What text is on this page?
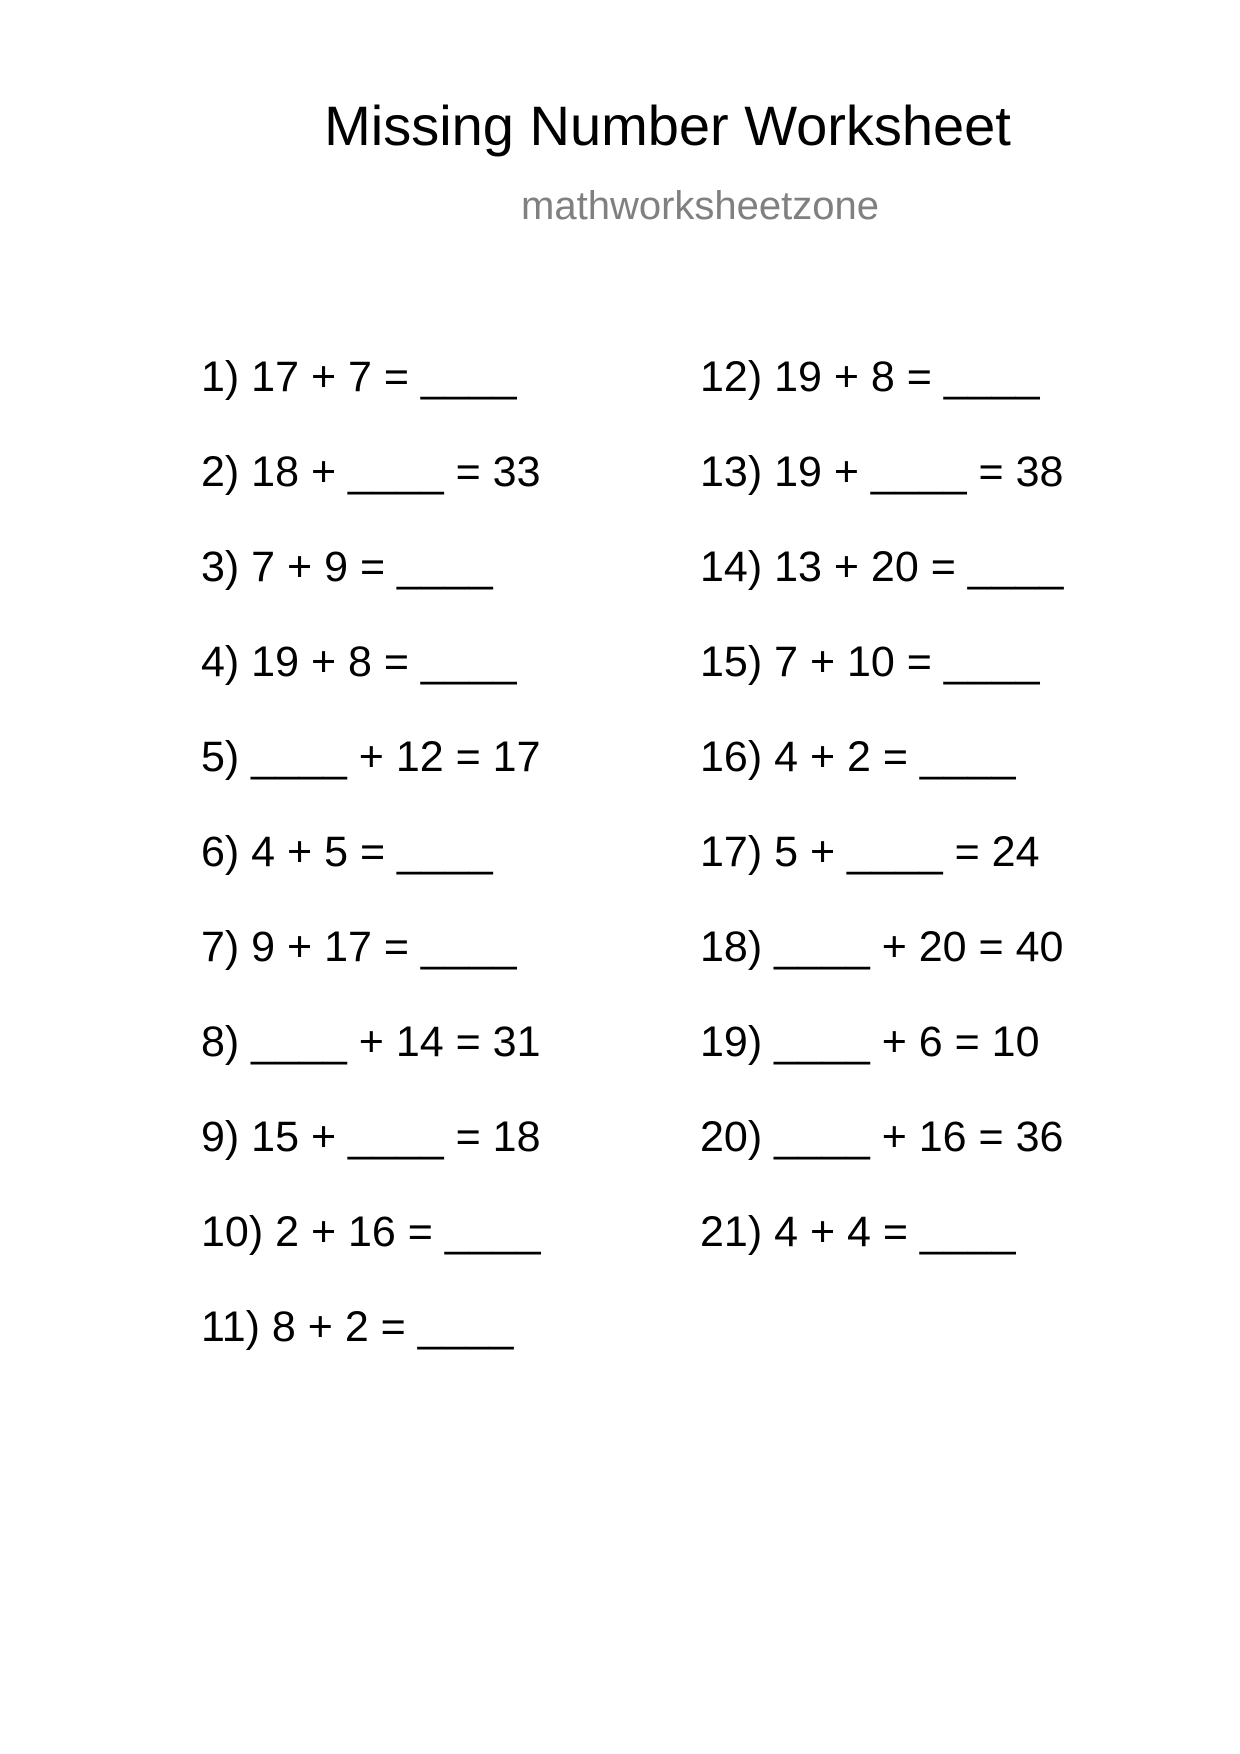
Missing Number Worksheet
mathworksheetzone
1) 17 + 7 = ____
2) 18 + ____ = 33
3) 7 + 9 = ____
4) 19 + 8 = ____
5) ____ + 12 = 17
6) 4 + 5 = ____
7) 9 + 17 = ____
8) ____ + 14 = 31
9) 15 + ____ = 18
10) 2 + 16 = ____
11) 8 + 2 = ____
12) 19 + 8 = ____
13) 19 + ____ = 38
14) 13 + 20 = ____
15) 7 + 10 = ____
16) 4 + 2 = ____
17) 5 + ____ = 24
18) ____ + 20 = 40
19) ____ + 6 = 10
20) ____ + 16 = 36
21) 4 + 4 = ____
